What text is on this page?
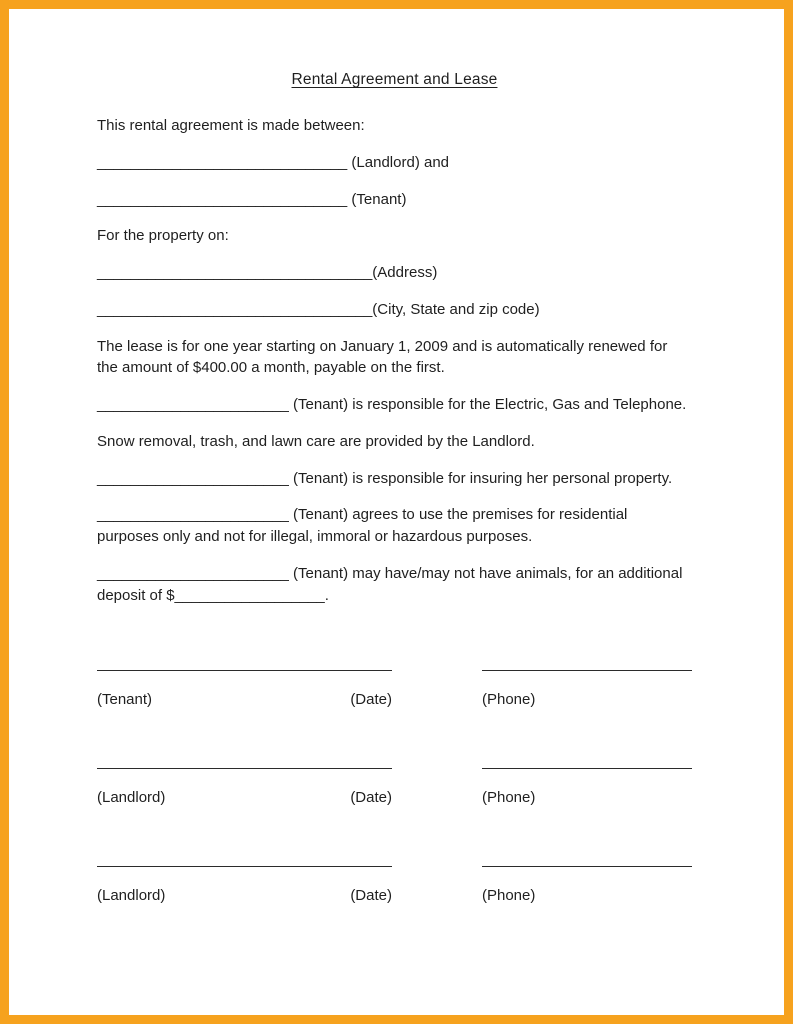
Rental Agreement and Lease

This rental agreement is made between:

______________________________ (Landlord) and

______________________________ (Tenant)

For the property on:

_________________________________(Address)

_________________________________(City, State and zip code)

The lease is for one year starting on January 1, 2009 and is automatically renewed for the amount of $400.00 a month, payable on the first.

_______________________ (Tenant) is responsible for the Electric, Gas and Telephone.

Snow removal, trash, and lawn care are provided by the Landlord.

_______________________ (Tenant) is responsible for insuring her personal property.

_______________________ (Tenant) agrees to use the premises for residential purposes only and not for illegal, immoral or hazardous purposes.

_______________________ (Tenant) may have/may not have animals, for an additional deposit of $__________________.

(Tenant)	(Date)	(Phone)
(Landlord)	(Date)	(Phone)
(Landlord)	(Date)	(Phone)
